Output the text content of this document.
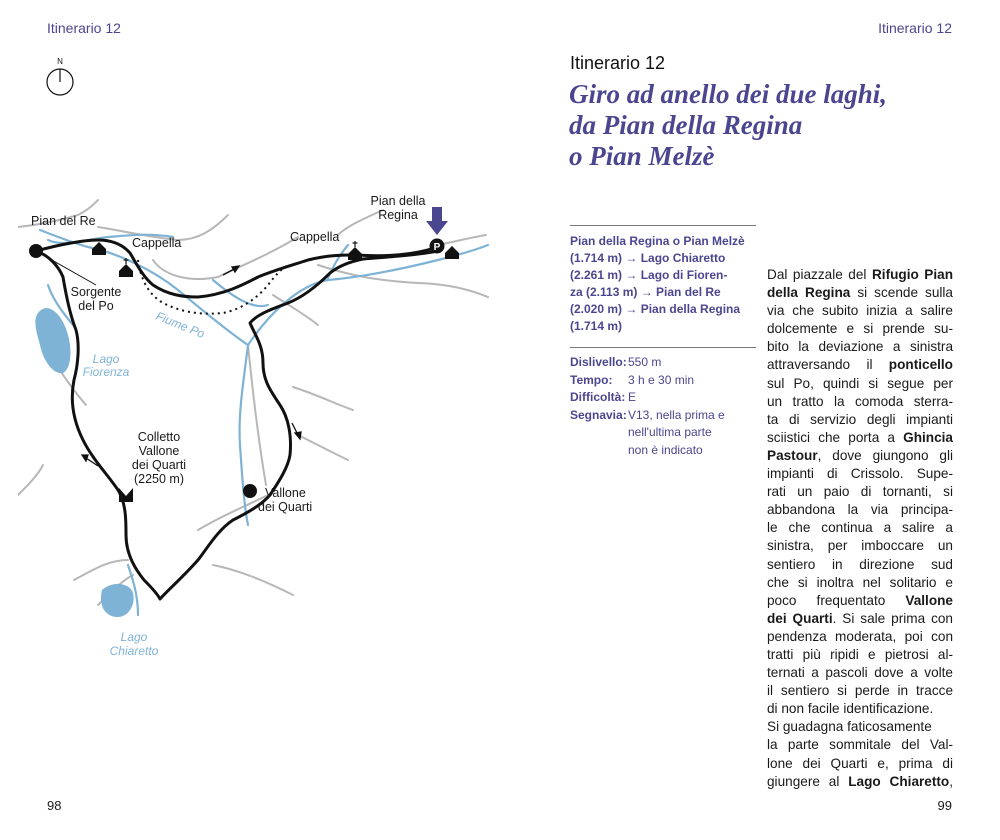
Itinerario 12	Itinerario 12
N
P
Pian del Re
Cappella	Cappella
Pian della
Regina
Sorgente
del Po
Colletto
Vallone
dei Quarti
(2250 m)
Vallone
dei Quarti
Fiume Po
Lago
Fiorenza
Lago
Chiaretto
Itinerario 12
Giro ad anello dei due laghi,
da Pian della Regina
o Pian Melzè
Pian della Regina o Pian Melzè
(1.714 m) → Lago Chiaretto
(2.261 m) → Lago di Fioren-
za (2.113 m) → Pian del Re
(2.020 m) → Pian della Regina
(1.714 m)
Dislivello: 550 m
Tempo:	3 h e 30 min
Difficoltà: E
Segnavia: V13, nella prima e
nell'ultima parte
non è indicato
Dal piazzale del Rifugio Pian
della Regina si scende sulla
via che subito inizia a salire
dolcemente e si prende su-
bito la deviazione a sinistra
attraversando il ponticello
sul Po, quindi si segue per
un tratto la comoda sterra-
ta di servizio degli impianti
sciistici che porta a Ghincia
Pastour, dove giungono gli
impianti di Crissolo. Supe-
rati un paio di tornanti, si
abbandona la via principa-
le che continua a salire a
sinistra, per imboccare un
sentiero in direzione sud
che si inoltra nel solitario e
poco frequentato Vallone
dei Quarti. Si sale prima con
pendenza moderata, poi con
tratti più ripidi e pietrosi al-
ternati a pascoli dove a volte
il sentiero si perde in tracce
di non facile identificazione.
Si guadagna faticosamente
la parte sommitale del Val-
lone dei Quarti e, prima di
giungere al Lago Chiaretto,
98	99
